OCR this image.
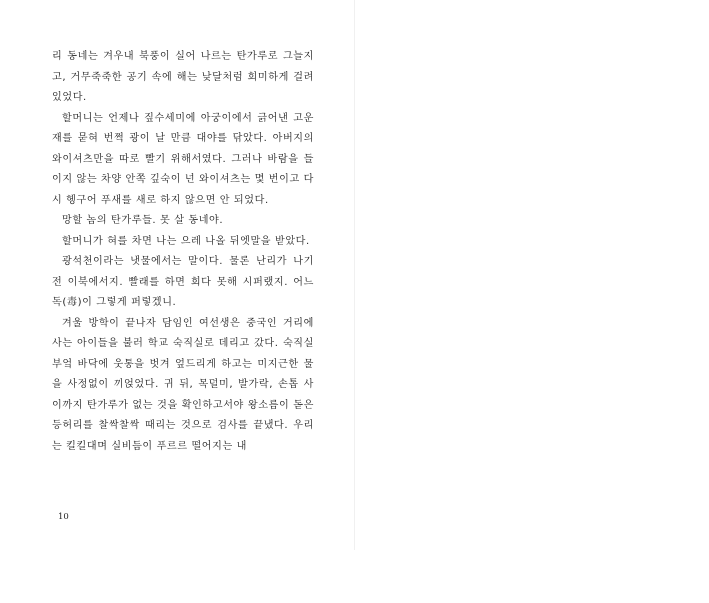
리 동네는 겨우내 북풍이 실어 나르는 탄가루로 그늘지고, 거무죽죽한 공기 속에 해는 낮달처럼 희미하게 걸려 있었다.

할머니는 언제나 짚수세미에 아궁이에서 긁어낸 고운 재를 묻혀 번쩍 광이 날 만큼 대야를 닦았다. 아버지의 와이셔츠만을 따로 빨기 위해서였다. 그러나 바람을 들이지 않는 차양 안쪽 깊숙이 넌 와이셔츠는 몇 번이고 다시 헹구어 푸새를 새로 하지 않으면 안 되었다.

망할 놈의 탄가루들. 못 살 동네야.

할머니가 혀를 차면 나는 으레 나올 뒤엣말을 받았다.

광석천이라는 냇물에서는 말이다. 물론 난리가 나기 전 이북에서지. 빨래를 하면 희다 못해 시퍼랬지. 어느 독(毒)이 그렇게 퍼렇겠니.

겨울 방학이 끝나자 담임인 여선생은 중국인 거리에 사는 아이들을 불러 학교 숙직실로 데리고 갔다. 숙직실 부엌 바닥에 웃통을 벗겨 엎드리게 하고는 미지근한 물을 사정없이 끼얹었다. 귀 뒤, 목덜미, 발가락, 손톱 사이까지 탄가루가 없는 것을 확인하고서야 왕소름이 돋은 등허리를 찰싹찰싹 때리는 것으로 검사를 끝냈다. 우리는 킬킬대며 실비듬이 푸르르 떨어지는 내

10
